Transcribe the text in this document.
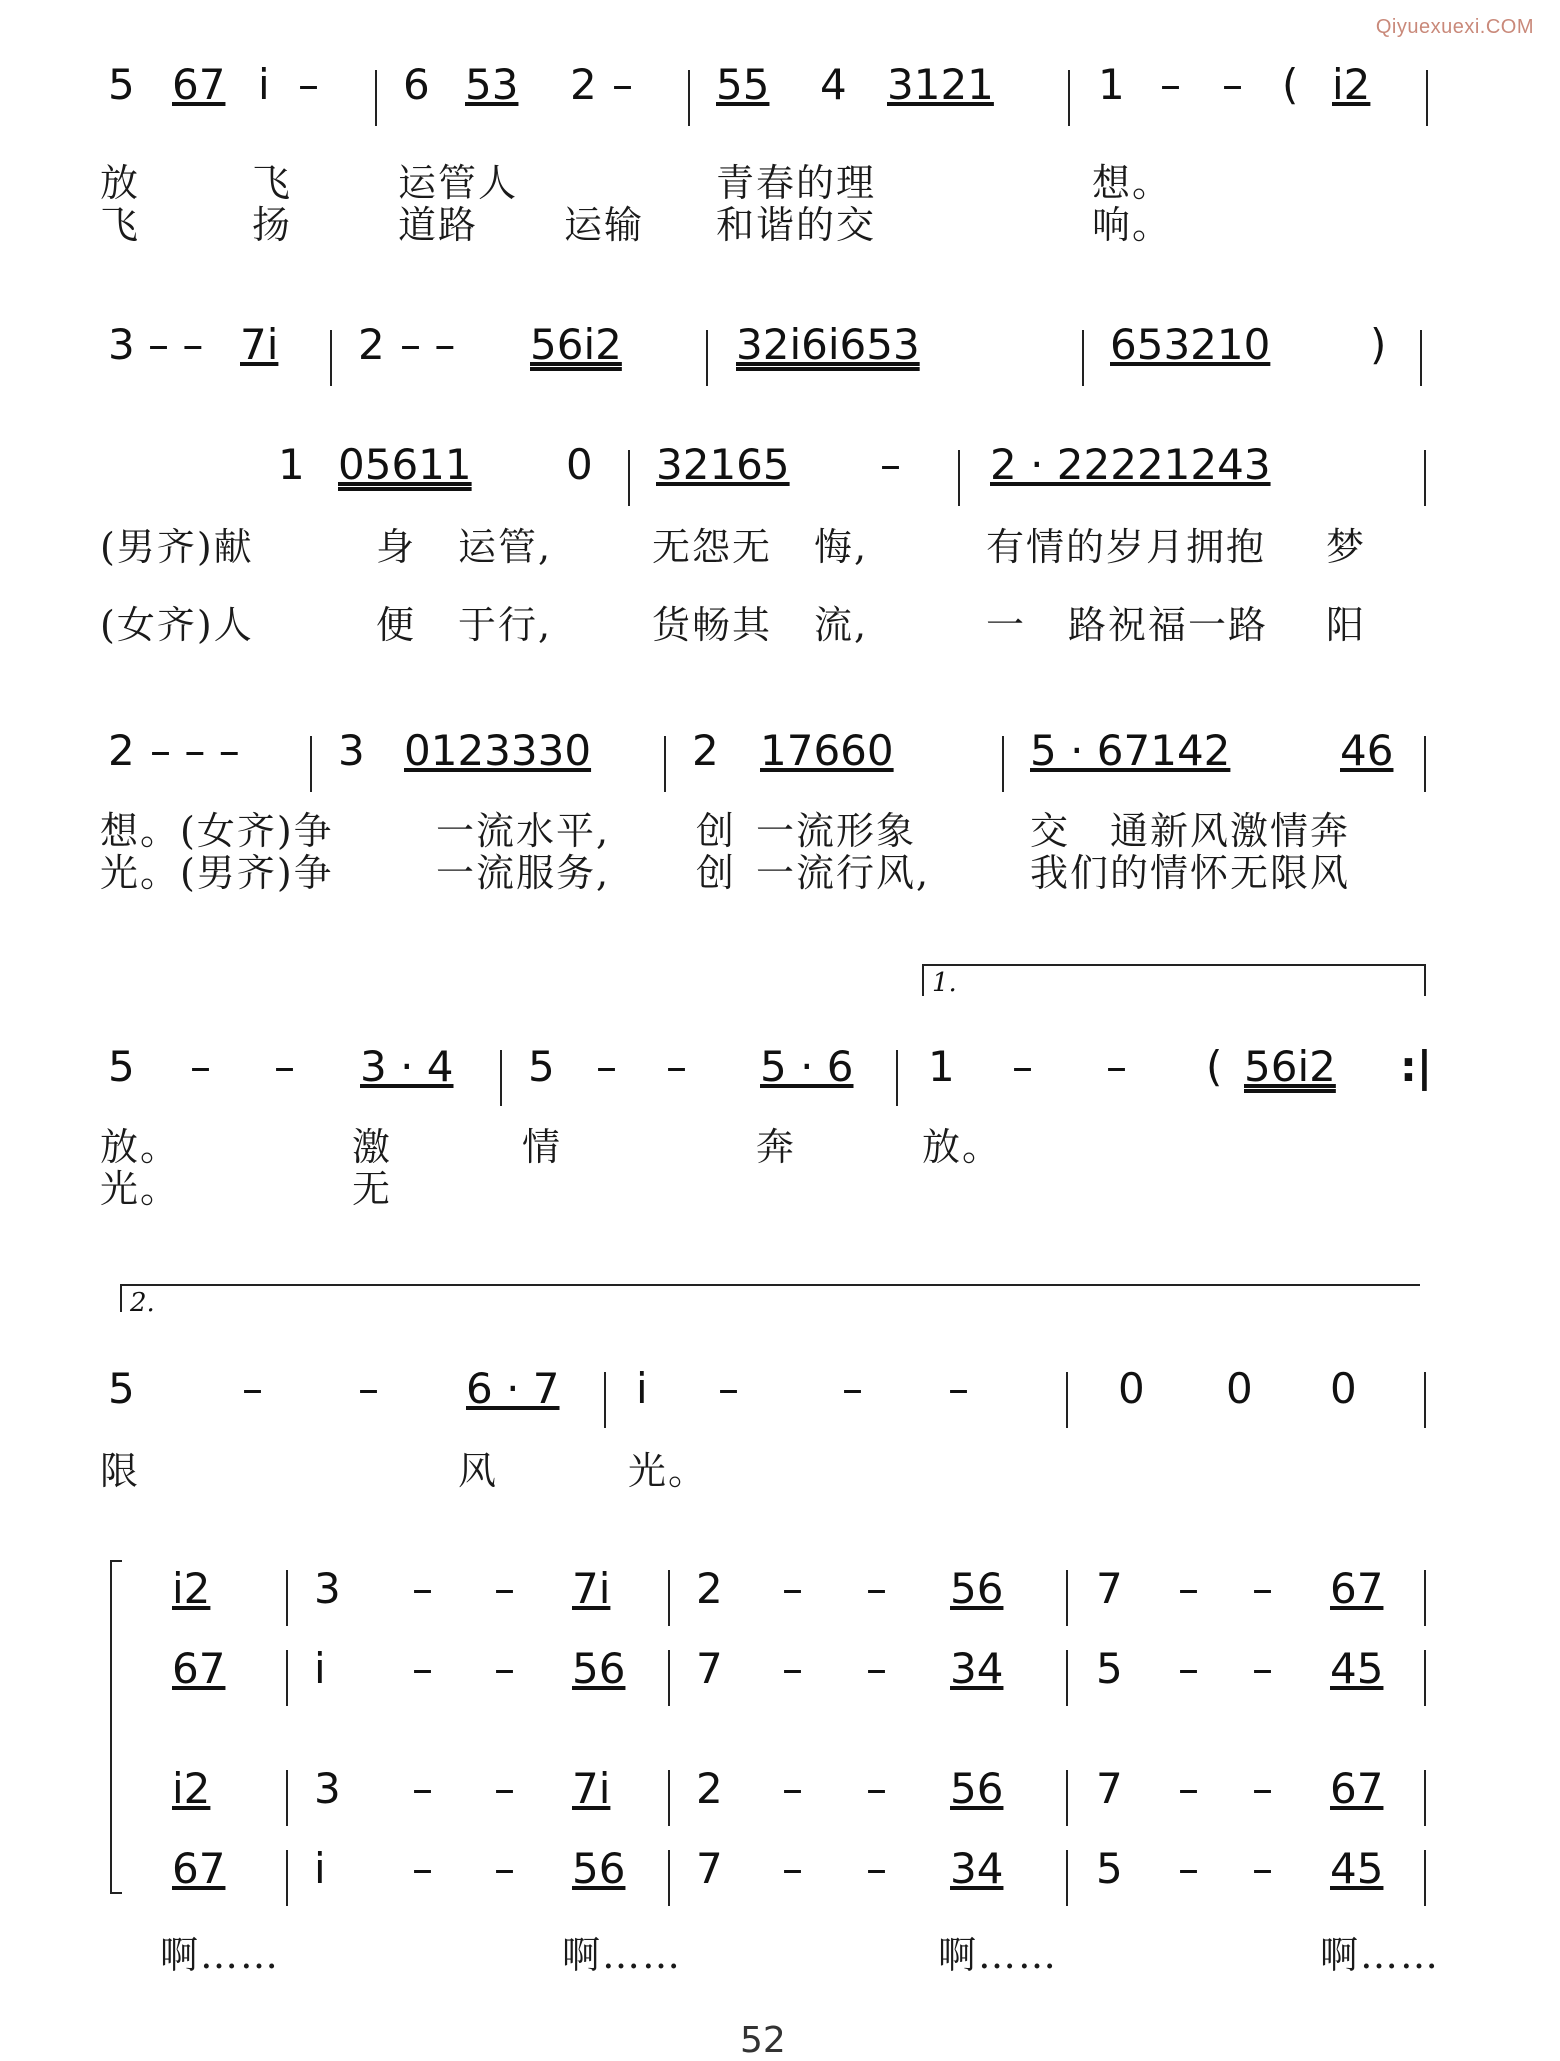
Qiyuexuexi.COM
5 67 i – 6 53 2 – 55 4 3121 1 – – ( i2
放	飞	运管人	青春的理	想。
飞	扬	道路 运输 和谐的交	响。
3 – – 7i 2 – – 56i2	32i6i653	653210 )
1 05611 0 32165 – 2 · 22221243
(男齐)献	身 运管,	无怨无 悔,	有情的岁月拥抱 梦
(女齐)人	便 于行,	货畅其 流,	一 路祝福一路 阳
2 – – – 3 0123330 2 17660	5 · 67142	46
想。(女齐)争	一流水平, 创 一流形象	交 通新风激情奔
光。(男齐)争	一流服务, 创 一流行风,	我们的情怀无限风
1.
5 – – 3 · 4 5 – – 5 · 6 1 – – ( 56i2 :|
放。	激	情	奔	放。
光。	无
2.
5	– – 6 · 7 i – – –	0 0 0
限	风	光。
i2 3 – – 7i 2 – – 56 7 – – 67
67 i – – 56 7 – – 34 5 – – 45
i2 3 – – 7i 2 – – 56 7 – – 67
67 i – – 56 7 – – 34 5 – – 45
啊……	啊……	啊……	啊……
52
